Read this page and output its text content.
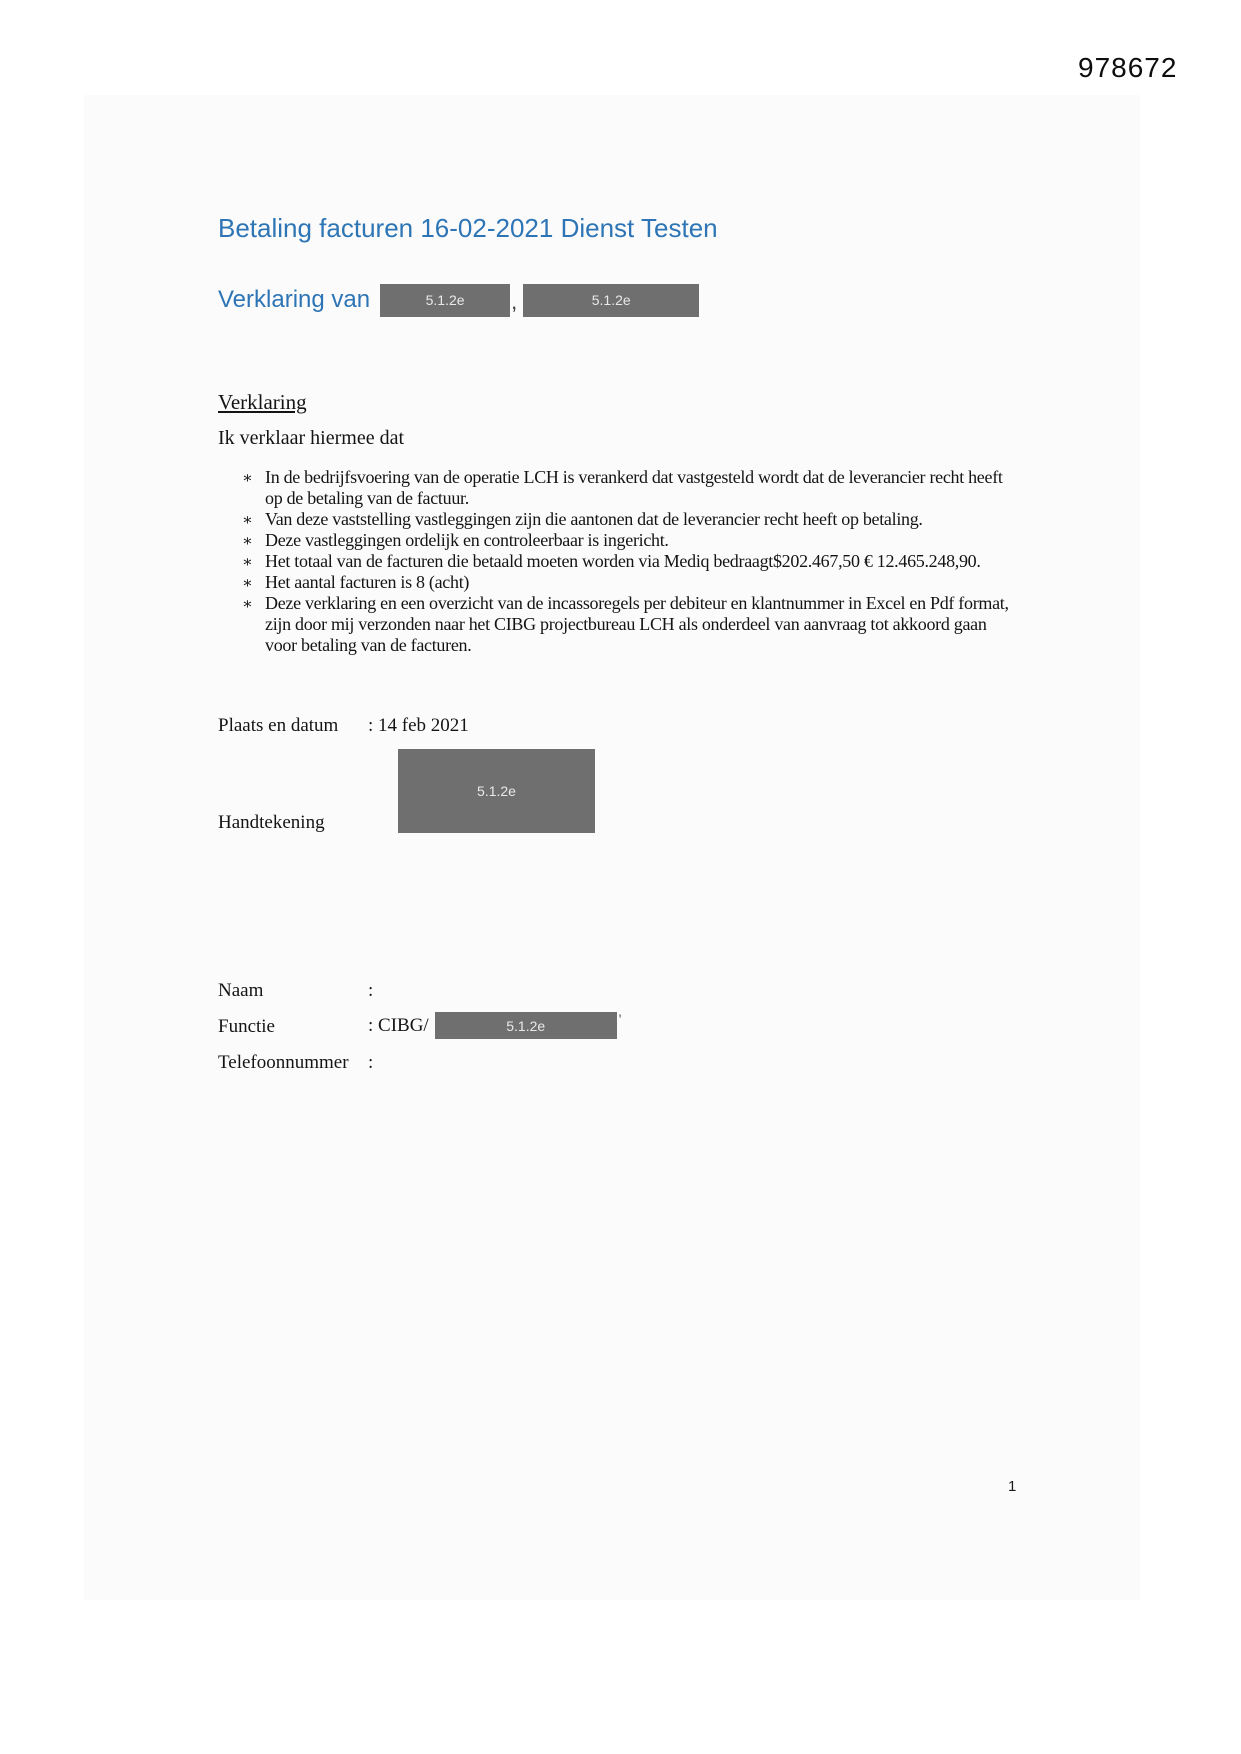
978672
Betaling facturen 16-02-2021 Dienst Testen
Verklaring van	5.1.2e ,	5.1.2e
Verklaring
Ik verklaar hiermee dat
∗ In de bedrijfsvoering van de operatie LCH is verankerd dat vastgesteld wordt dat de leverancier recht heeft op de betaling van de factuur.
∗ Van deze vaststelling vastleggingen zijn die aantonen dat de leverancier recht heeft op betaling.
∗ Deze vastleggingen ordelijk en controleerbaar is ingericht.
∗ Het totaal van de facturen die betaald moeten worden via Mediq bedraagt$202.467,50 € 12.465.248,90.
∗ Het aantal facturen is 8 (acht)
∗ Deze verklaring en een overzicht van de incassoregels per debiteur en klantnummer in Excel en Pdf format, zijn door mij verzonden naar het CIBG projectbureau LCH als onderdeel van aanvraag tot akkoord gaan voor betaling van de facturen.
Plaats en datum : 14 feb 2021
5.1.2e
Handtekening
Naam	:
Functie	: CIBG/	5.1.2e	'
Telefoonnummer :
1
